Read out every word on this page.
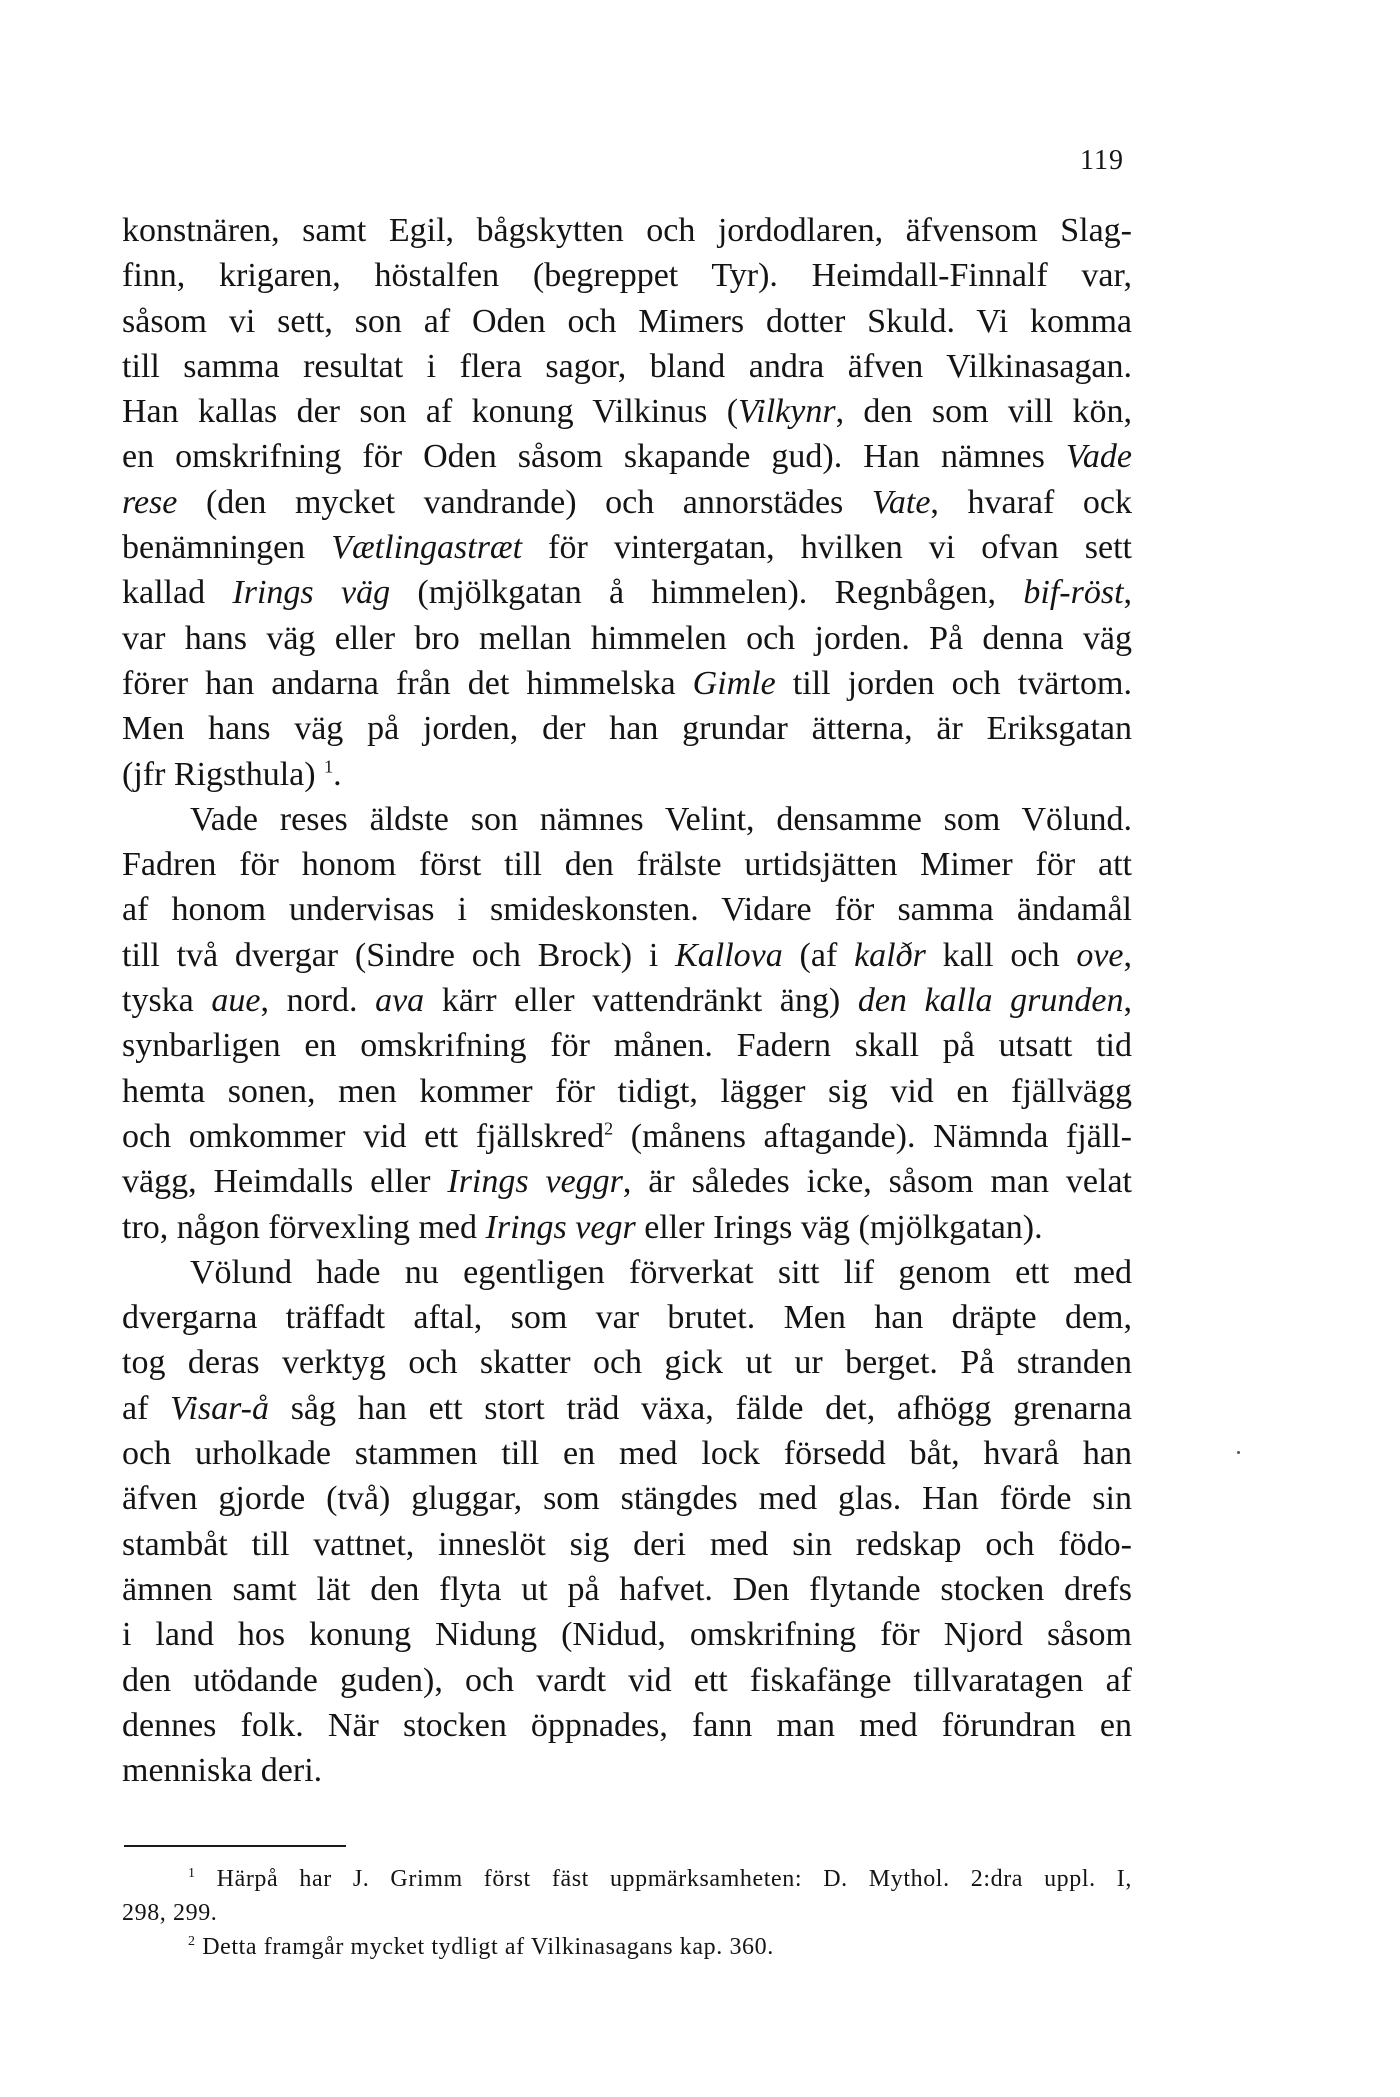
119
konstnären, samt Egil, bågskytten och jordodlaren, äfvensom Slag-
finn, krigaren, höstalfen (begreppet Tyr). Heimdall-Finnalf var,
såsom vi sett, son af Oden och Mimers dotter Skuld. Vi komma
till samma resultat i flera sagor, bland andra äfven Vilkinasagan.
Han kallas der son af konung Vilkinus (Vilkynr, den som vill kön,
en omskrifning för Oden såsom skapande gud). Han nämnes Vade
rese (den mycket vandrande) och annorstädes Vate, hvaraf ock
benämningen Vætlingastræt för vintergatan, hvilken vi ofvan sett
kallad Irings väg (mjölkgatan å himmelen). Regnbågen, bif-röst,
var hans väg eller bro mellan himmelen och jorden. På denna väg
förer han andarna från det himmelska Gimle till jorden och tvärtom.
Men hans väg på jorden, der han grundar ätterna, är Eriksgatan
(jfr Rigsthula) $^1$.
Vade reses äldste son nämnes Velint, densamme som Völund.
Fadren för honom först till den frälste urtidsjätten Mimer för att
af honom undervisas i smideskonsten. Vidare för samma ändamål
till två dvergar (Sindre och Brock) i Kallova (af kalðr kall och ove,
tyska aue, nord. ava kärr eller vattendränkt äng) den kalla grunden,
synbarligen en omskrifning för månen. Fadern skall på utsatt tid
hemta sonen, men kommer för tidigt, lägger sig vid en fjällvägg
och omkommer vid ett fjällskred$^2$ (månens aftagande). Nämnda fjäll-
vägg, Heimdalls eller Irings veggr, är således icke, såsom man velat
tro, någon förvexling med Irings vegr eller Irings väg (mjölkgatan).
Völund hade nu egentligen förverkat sitt lif genom ett med
dvergarna träffadt aftal, som var brutet. Men han dräpte dem,
tog deras verktyg och skatter och gick ut ur berget. På stranden
af Visar-å såg han ett stort träd växa, fälde det, afhögg grenarna
och urholkade stammen till en med lock försedd båt, hvarå han
äfven gjorde (två) gluggar, som stängdes med glas. Han förde sin
stambåt till vattnet, inneslöt sig deri med sin redskap och födo-
ämnen samt lät den flyta ut på hafvet. Den flytande stocken drefs
i land hos konung Nidung (Nidud, omskrifning för Njord såsom
den utödande guden), och vardt vid ett fiskafänge tillvaratagen af
dennes folk. När stocken öppnades, fann man med förundran en
menniska deri.
$^1$ Härpå har J. Grimm först fäst uppmärksamheten: D. Mythol. 2:dra uppl. I,
298, 299.
$^2$ Detta framgår mycket tydligt af Vilkinasagans kap. 360.
